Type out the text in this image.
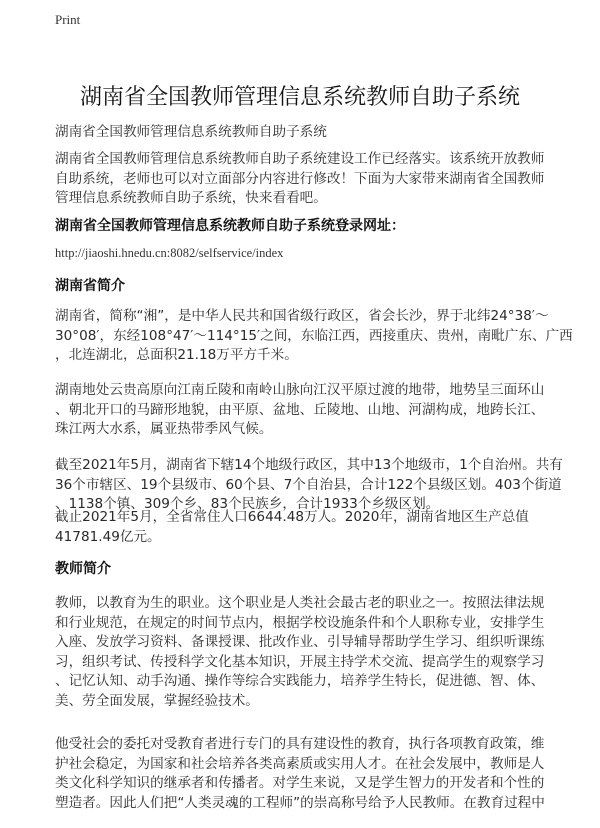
Print
湖南省全国教师管理信息系统教师自助子系统
湖南省全国教师管理信息系统教师自助子系统
湖南省全国教师管理信息系统教师自助子系统建设工作已经落实。该系统开放教师
自助系统，老师也可以对立面部分内容进行修改！下面为大家带来湖南省全国教师
管理信息系统教师自助子系统，快来看看吧。
湖南省全国教师管理信息系统教师自助子系统登录网址：
http://jiaoshi.hnedu.cn:8082/selfservice/index
湖南省简介
湖南省，简称“湘”，是中华人民共和国省级行政区，省会长沙，界于北纬24°38′～
30°08′，东经108°47′～114°15′之间，东临江西，西接重庆、贵州，南毗广东、广西
，北连湖北，总面积21.18万平方千米。
湖南地处云贵高原向江南丘陵和南岭山脉向江汉平原过渡的地带，地势呈三面环山
、朝北开口的马蹄形地貌，由平原、盆地、丘陵地、山地、河湖构成，地跨长江、
珠江两大水系，属亚热带季风气候。
截至2021年5月，湖南省下辖14个地级行政区，其中13个地级市，1个自治州。共有
36个市辖区、19个县级市、60个县、7个自治县，合计122个县级区划。403个街道
、1138个镇、309个乡、83个民族乡，合计1933个乡级区划。
截止2021年5月，全省常住人口6644.48万人。2020年，湖南省地区生产总值
41781.49亿元。
教师简介
教师，以教育为生的职业。这个职业是人类社会最古老的职业之一。按照法律法规
和行业规范，在规定的时间节点内，根据学校设施条件和个人职称专业，安排学生
入座、发放学习资料、备课授课、批改作业、引导辅导帮助学生学习、组织听课练
习，组织考试、传授科学文化基本知识，开展主持学术交流、提高学生的观察学习
、记忆认知、动手沟通、操作等综合实践能力，培养学生特长，促进德、智、体、
美、劳全面发展，掌握经验技术。
他受社会的委托对受教育者进行专门的具有建设性的教育，执行各项教育政策，维
护社会稳定，为国家和社会培养各类高素质或实用人才。在社会发展中，教师是人
类文化科学知识的继承者和传播者。对学生来说，又是学生智力的开发者和个性的
塑造者。因此人们把“人类灵魂的工程师”的崇高称号给予人民教师。在教育过程中
